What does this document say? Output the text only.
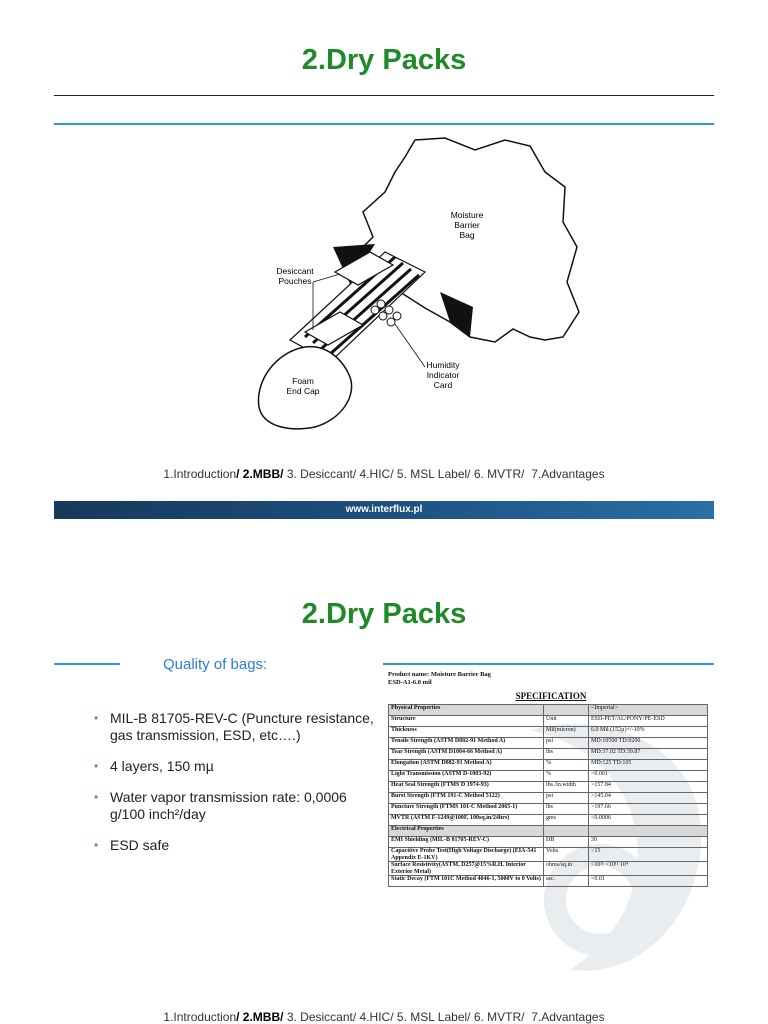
2.Dry Packs
Moisture Barrier Bag
Desiccant Pouches
Humidity Indicator Card
Foam End Cap
1.Introduction/ 2.MBB/ 3. Desiccant/ 4.HIC/ 5. MSL Label/ 6. MVTR/  7.Advantages
www.interflux.pl
2.Dry Packs
Quality of bags:
• MIL-B 81705-REV-C (Puncture resistance, gas transmission, ESD, etc….)
• 4 layers, 150 mµ
• Water vapor transmission rate: 0,0006 g/100 inch²/day
• ESD safe
Product name: Moisture Barrier Bag
ESD-A1-6.0 mil
SPECIFICATION
Physical Properties		<Imperial>
Structure	Unit	ESD-PET/AL/PONY/PE-ESD
Thickness	Mil(micron)	6.0 Mil (152µ)+/-10%
Tensile Strength (ASTM D882-91 Method A)	psi	MD:10500 TD:9200
Tear Strength (ASTM D1004-66 Method A)	lbs	MD:37.02 TD:39.87
Elongation (ASTM D882-91 Method A)	%	MD:125 TD:105
Light Transmission (ASTM D-1003-92)	%	<0.001
Heat Seal Strength (FTMS D 1974-93)	lbs./in.width	>157.84
Burst Strength (FTM 191-C Method 5122)	psi	>145.04
Puncture Strength (FTMS 101-C Method 2065-1)	lbs	>197.66
MVTR (ASTM F-1249@100F, 100sq.in/24hrs)	gms	<0.0006
Electrical Properties		
EMI Shielding (MIL-B 81705-REV-C)	DB	30
Capacitive Probe Test(High Voltage Discharge) (EIA-541 Appendix E-1KV)	Volts	<15
Surface Resistivity(ASTM, D257@15%R.H. Interior Exterior Metal)	ohms/sq.in	<10¹¹ <10¹¹ 10⁴
Static Decay (FTM 101C Method 4046-1, 5000V to 0 Volts)	sec.	<0.01
1.Introduction/ 2.MBB/ 3. Desiccant/ 4.HIC/ 5. MSL Label/ 6. MVTR/  7.Advantages
